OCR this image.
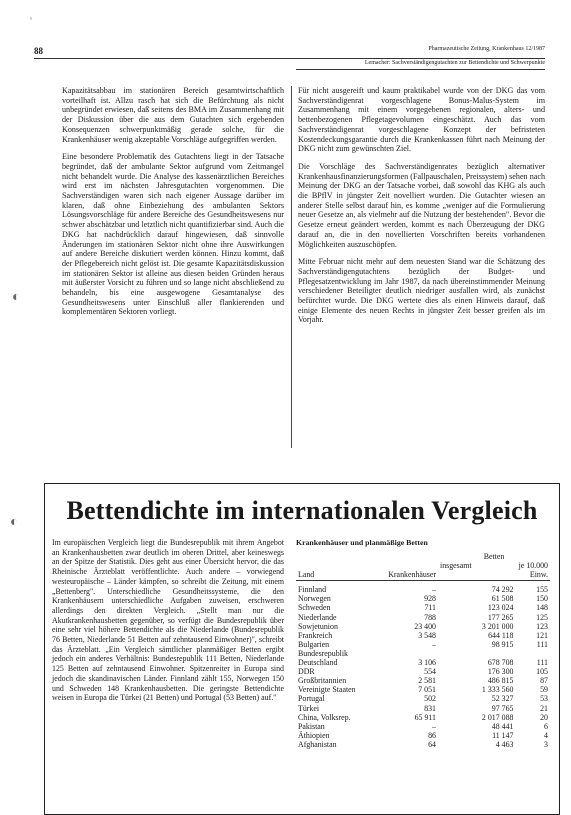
ˢ
88	Pharmazeutische Zeitung, Krankenhaus 12/1987
Lemacher: Sachverständigengutachten zur Bettendichte und Schwerpunkte

Kapazitätsabbau im stationären Bereich gesamtwirtschaftlich vorteilhaft ist. Allzu rasch hat sich die Befürchtung als nicht unbegründet erwiesen, daß seitens des BMA im Zusammenhang mit der Diskussion über die aus dem Gutachten sich ergebenden Konsequenzen schwerpunktmäßig gerade solche, für die Krankenhäuser wenig akzeptable Vorschläge aufgegriffen werden.

Eine besondere Problematik des Gutachtens liegt in der Tatsache begründet, daß der ambulante Sektor aufgrund vom Zeitmangel nicht behandelt wurde. Die Analyse des kassenärztlichen Bereiches wird erst im nächsten Jahresgutachten vorgenommen. Die Sachverständigen waren sich nach eigener Aussage darüber im klaren, daß ohne Einbeziehung des ambulanten Sektors Lösungsvorschläge für andere Bereiche des Gesundheitswesens nur schwer abschätzbar und letztlich nicht quantifizierbar sind. Auch die DKG hat nachdrücklich darauf hingewiesen, daß sinnvolle Änderungen im stationären Sektor nicht ohne ihre Auswirkungen auf andere Bereiche diskutiert werden können. Hinzu kommt, daß der Pflegebereich nicht gelöst ist. Die gesamte Kapazitätsdiskussion im stationären Sektor ist alleine aus diesen beiden Gründen heraus mit äußerster Vorsicht zu führen und so lange nicht abschließend zu behandeln, bis eine ausgewogene Gesamtanalyse des Gesundheitswesens unter Einschluß aller flankierenden und komplementären Sektoren vorliegt.

Für nicht ausgereift und kaum praktikabel wurde von der DKG das vom Sachverständigenrat vorgeschlagene Bonus-Malus-System im Zusammenhang mit einem vorgegebenen regionalen, alters- und bettenbezogenen Pflegetagevolumen eingeschätzt. Auch das vom Sachverständigenrat vorgeschlagene Konzept der befristeten Kostendeckungsgarantie durch die Krankenkassen führt nach Meinung der DKG nicht zum gewünschten Ziel.

Die Vorschläge des Sachverständigenrates bezüglich alternativer Krankenhausfinanzierungsformen (Fallpauschalen, Preissystem) sehen nach Meinung der DKG an der Tatsache vorbei, daß sowohl das KHG als auch die BPflV in jüngster Zeit novelliert wurden. Die Gutachter wiesen an anderer Stelle selbst darauf hin, es komme „weniger auf die Formulierung neuer Gesetze an, als vielmehr auf die Nutzung der bestehenden". Bevor die Gesetze erneut geändert werden, kommt es nach Überzeugung der DKG darauf an, die in den novellierten Vorschriften bereits vorhandenen Möglichkeiten auszuschöpfen.

Mitte Februar nicht mehr auf dem neuesten Stand war die Schätzung des Sachverständigengutachtens bezüglich der Budget- und Pflegesatzentwicklung im Jahr 1987, da nach übereinstimmender Meinung verschiedener Beteiligter deutlich niedriger ausfallen wird, als zunächst befürchtet wurde. Die DKG wertete dies als einen Hinweis darauf, daß einige Elemente des neuen Rechts in jüngster Zeit besser greifen als im Vorjahr.

◐
◐	Bettendichte im internationalen Vergleich
Im europäischen Vergleich liegt die Bundesrepublik mit ihrem Angebot an Krankenhausbetten zwar deutlich im oberen Drittel, aber keineswegs an der Spitze der Statistik. Dies geht aus einer Übersicht hervor, die das Rheinische Ärzteblatt veröffentlichte. Auch andere – vorwiegend westeuropäische – Länder kämpfen, so schreibt die Zeitung, mit einem „Bettenberg". Unterschiedliche Gesundheitssysteme, die den Krankenhäusern unterschiedliche Aufgaben zuweisen, erschweren allerdings den direkten Vergleich. „Stellt man nur die Akutkrankenhausbetten gegenüber, so verfügt die Bundesrepublik über eine sehr viel höhere Bettendichte als die Niederlande (Bundesrepublik 76 Betten, Niederlande 51 Betten auf zehntausend Einwohner)", schreibt das Ärzteblatt. „Ein Vergleich sämtlicher planmäßiger Betten ergibt jedoch ein anderes Verhältnis: Bundesrepublik 111 Betten, Niederlande 125 Betten auf zehntausend Einwohner. Spitzenreiter in Europa sind jedoch die skandinavischen Länder. Finnland zählt 155, Norwegen 150 und Schweden 148 Krankenhausbetten. Die geringste Bettendichte weisen in Europa die Türkei (21 Betten) und Portugal (53 Betten) auf."
Krankenhäuser und planmäßige Betten
Land	Krankenhäuser	Betten
insgesamt je 10.000 Einw.	

Finnland	–	74 292	155
Norwegen	928	61 508	150
Schweden	711	123 024	148
Niederlande	788	177 265	125
Sowjetunion	23 400	3 201 000	123
Frankreich	3 548	644 118	121
Bulgarien	–	98 915	111
Bundesrepublik			
Deutschland	3 106	678 708	111
DDR	554	176 300	105
Großbritannien	2 581	486 815	87
Vereinigte Staaten	7 051	1 333 560	59
Portugal	502	52 327	53
Türkei	831	97 765	21
China, Volksrep.	65 911	2 017 088	20
Pakistan	–	48 441	6
Äthiopien	86	11 147	4
Afghanistan	64	4 463	3
